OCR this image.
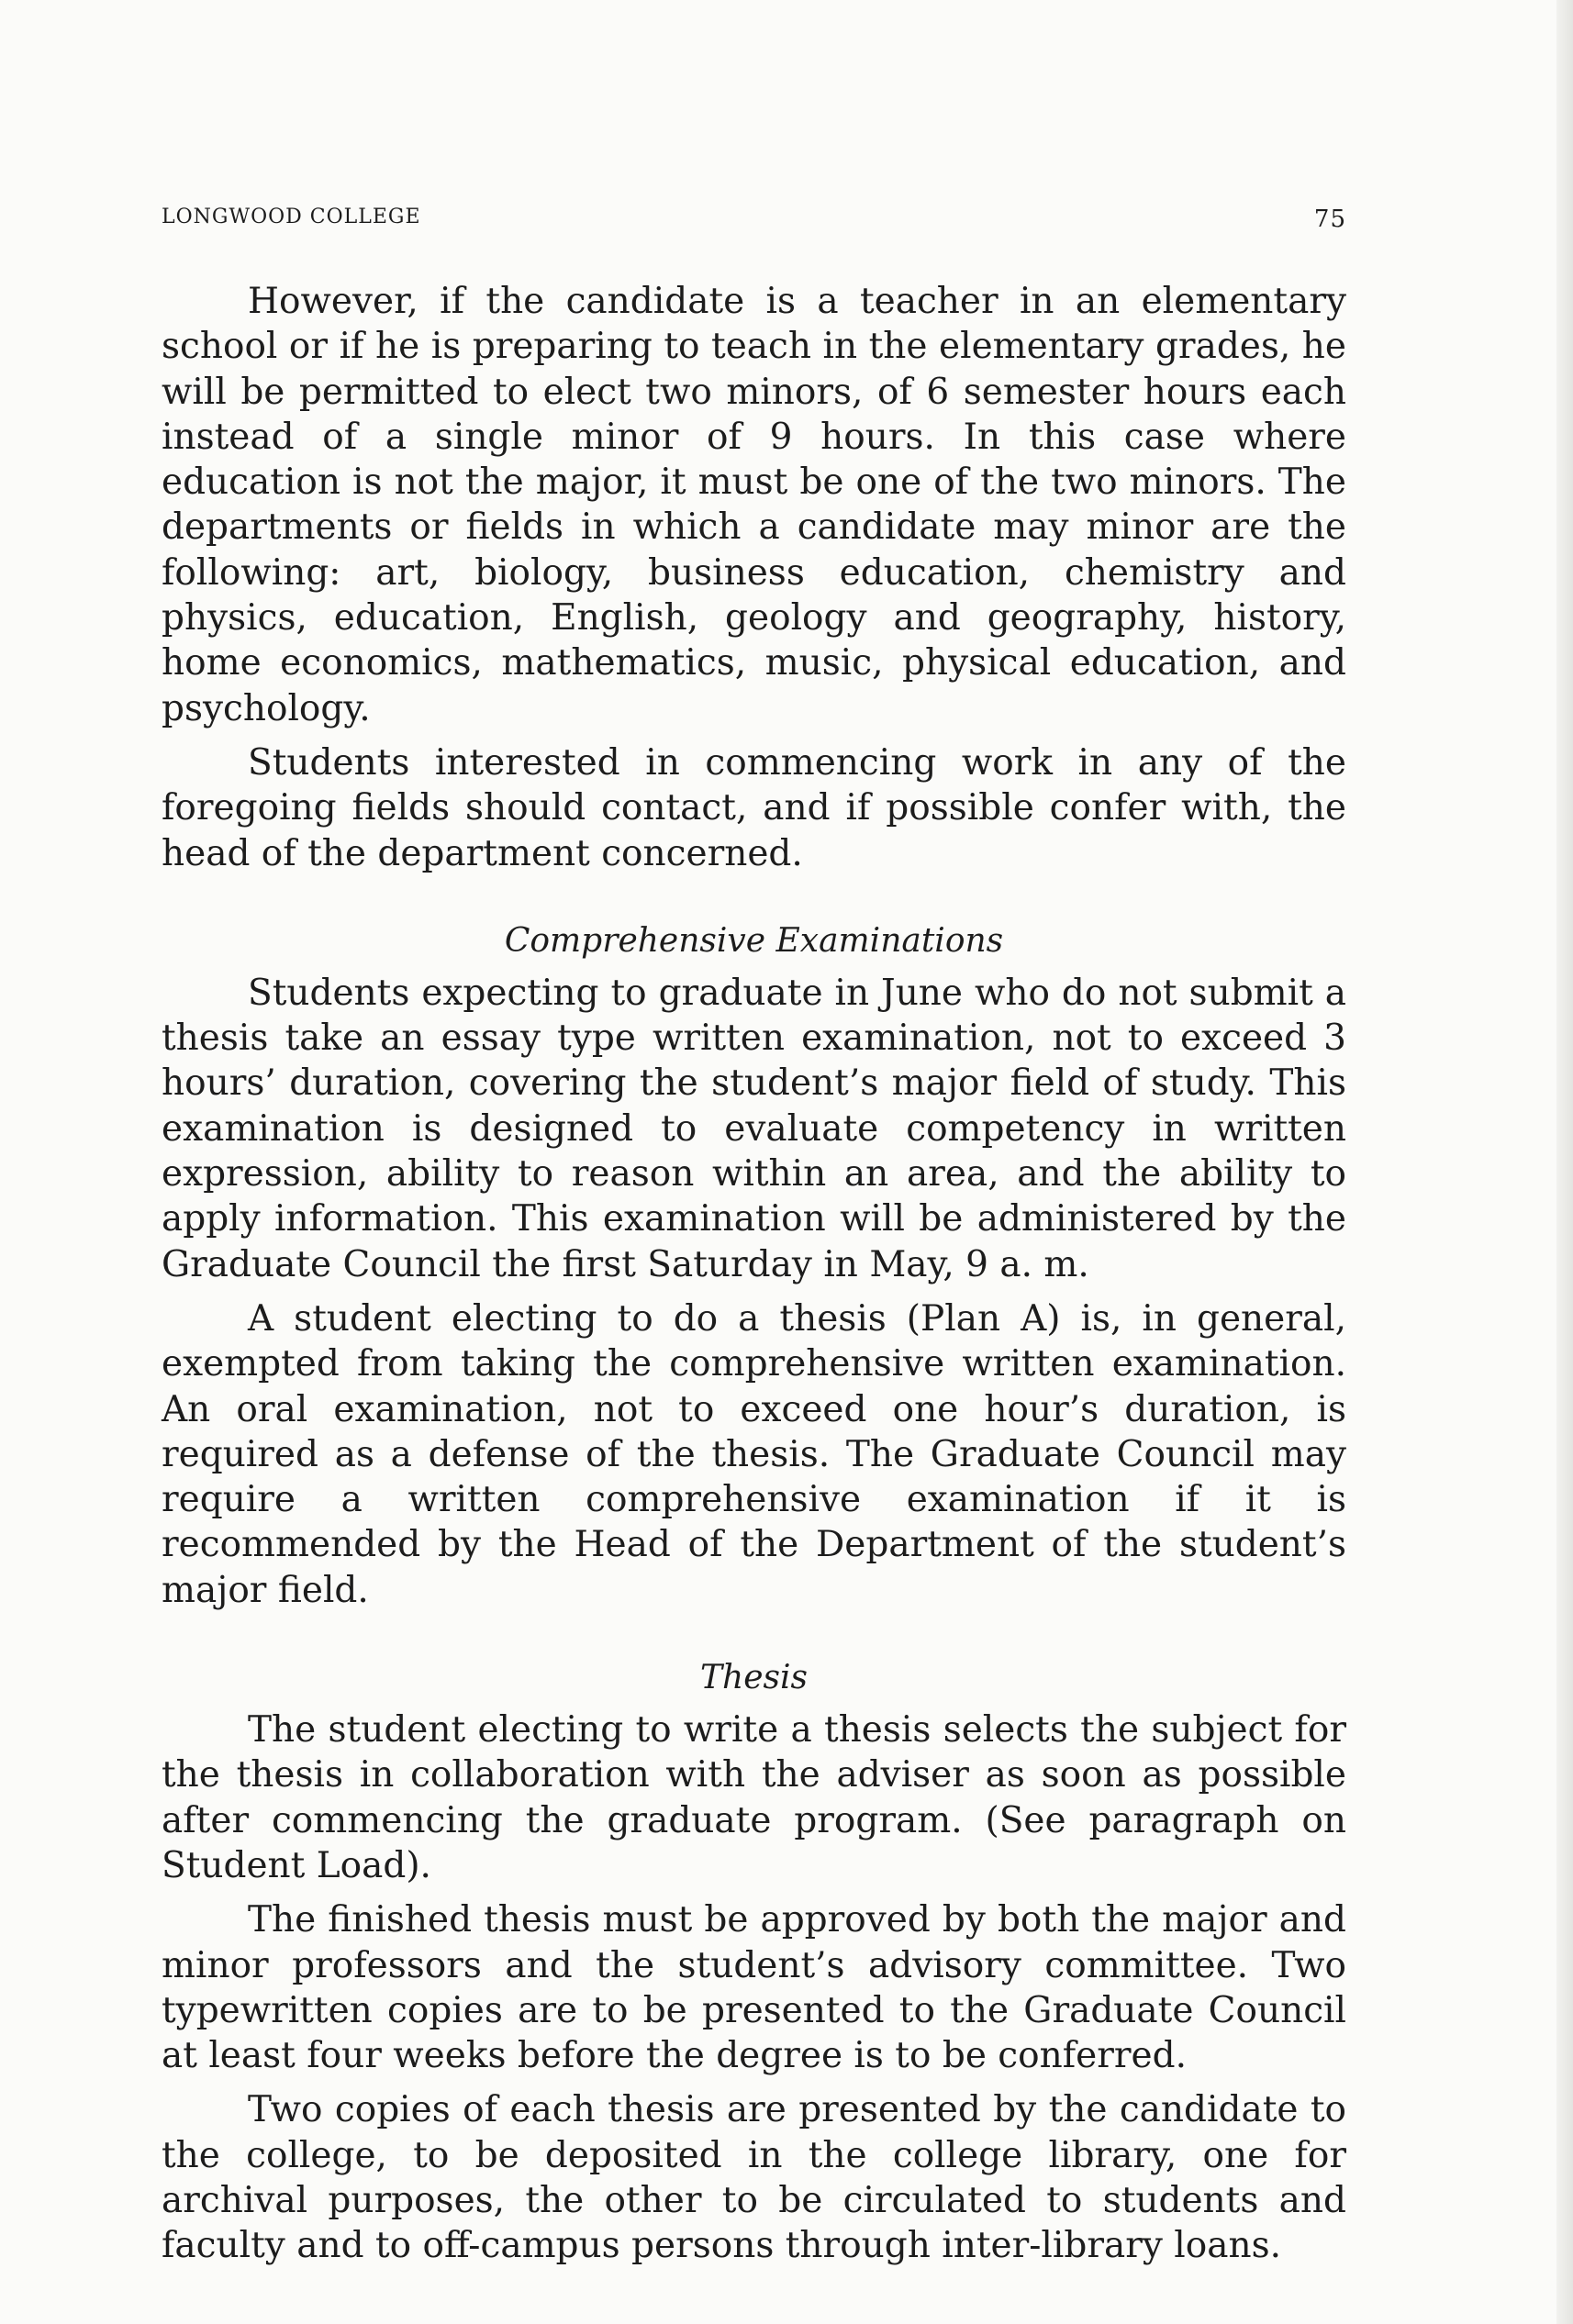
LONGWOOD COLLEGE	75

However, if the candidate is a teacher in an elementary school or if he is preparing to teach in the elementary grades, he will be permitted to elect two minors, of 6 semester hours each instead of a single minor of 9 hours. In this case where education is not the major, it must be one of the two minors. The departments or fields in which a candidate may minor are the following: art, biology, business education, chemistry and physics, education, English, geology and geography, history, home economics, mathematics, music, physical education, and psychology.

Students interested in commencing work in any of the foregoing fields should contact, and if possible confer with, the head of the department concerned.

Comprehensive Examinations

Students expecting to graduate in June who do not submit a thesis take an essay type written examination, not to exceed 3 hours’ duration, covering the student’s major field of study. This examination is designed to evaluate competency in written expression, ability to reason within an area, and the ability to apply information. This examination will be administered by the Graduate Council the first Saturday in May, 9 a. m.

A student electing to do a thesis (Plan A) is, in general, exempted from taking the comprehensive written examination. An oral examination, not to exceed one hour’s duration, is required as a defense of the thesis. The Graduate Council may require a written comprehensive examination if it is recommended by the Head of the Department of the student’s major field.

Thesis

The student electing to write a thesis selects the subject for the thesis in collaboration with the adviser as soon as possible after commencing the graduate program. (See paragraph on Student Load).

The finished thesis must be approved by both the major and minor professors and the student’s advisory committee. Two typewritten copies are to be presented to the Graduate Council at least four weeks before the degree is to be conferred.

Two copies of each thesis are presented by the candidate to the college, to be deposited in the college library, one for archival purposes, the other to be circulated to students and faculty and to off-campus persons through inter-library loans.
